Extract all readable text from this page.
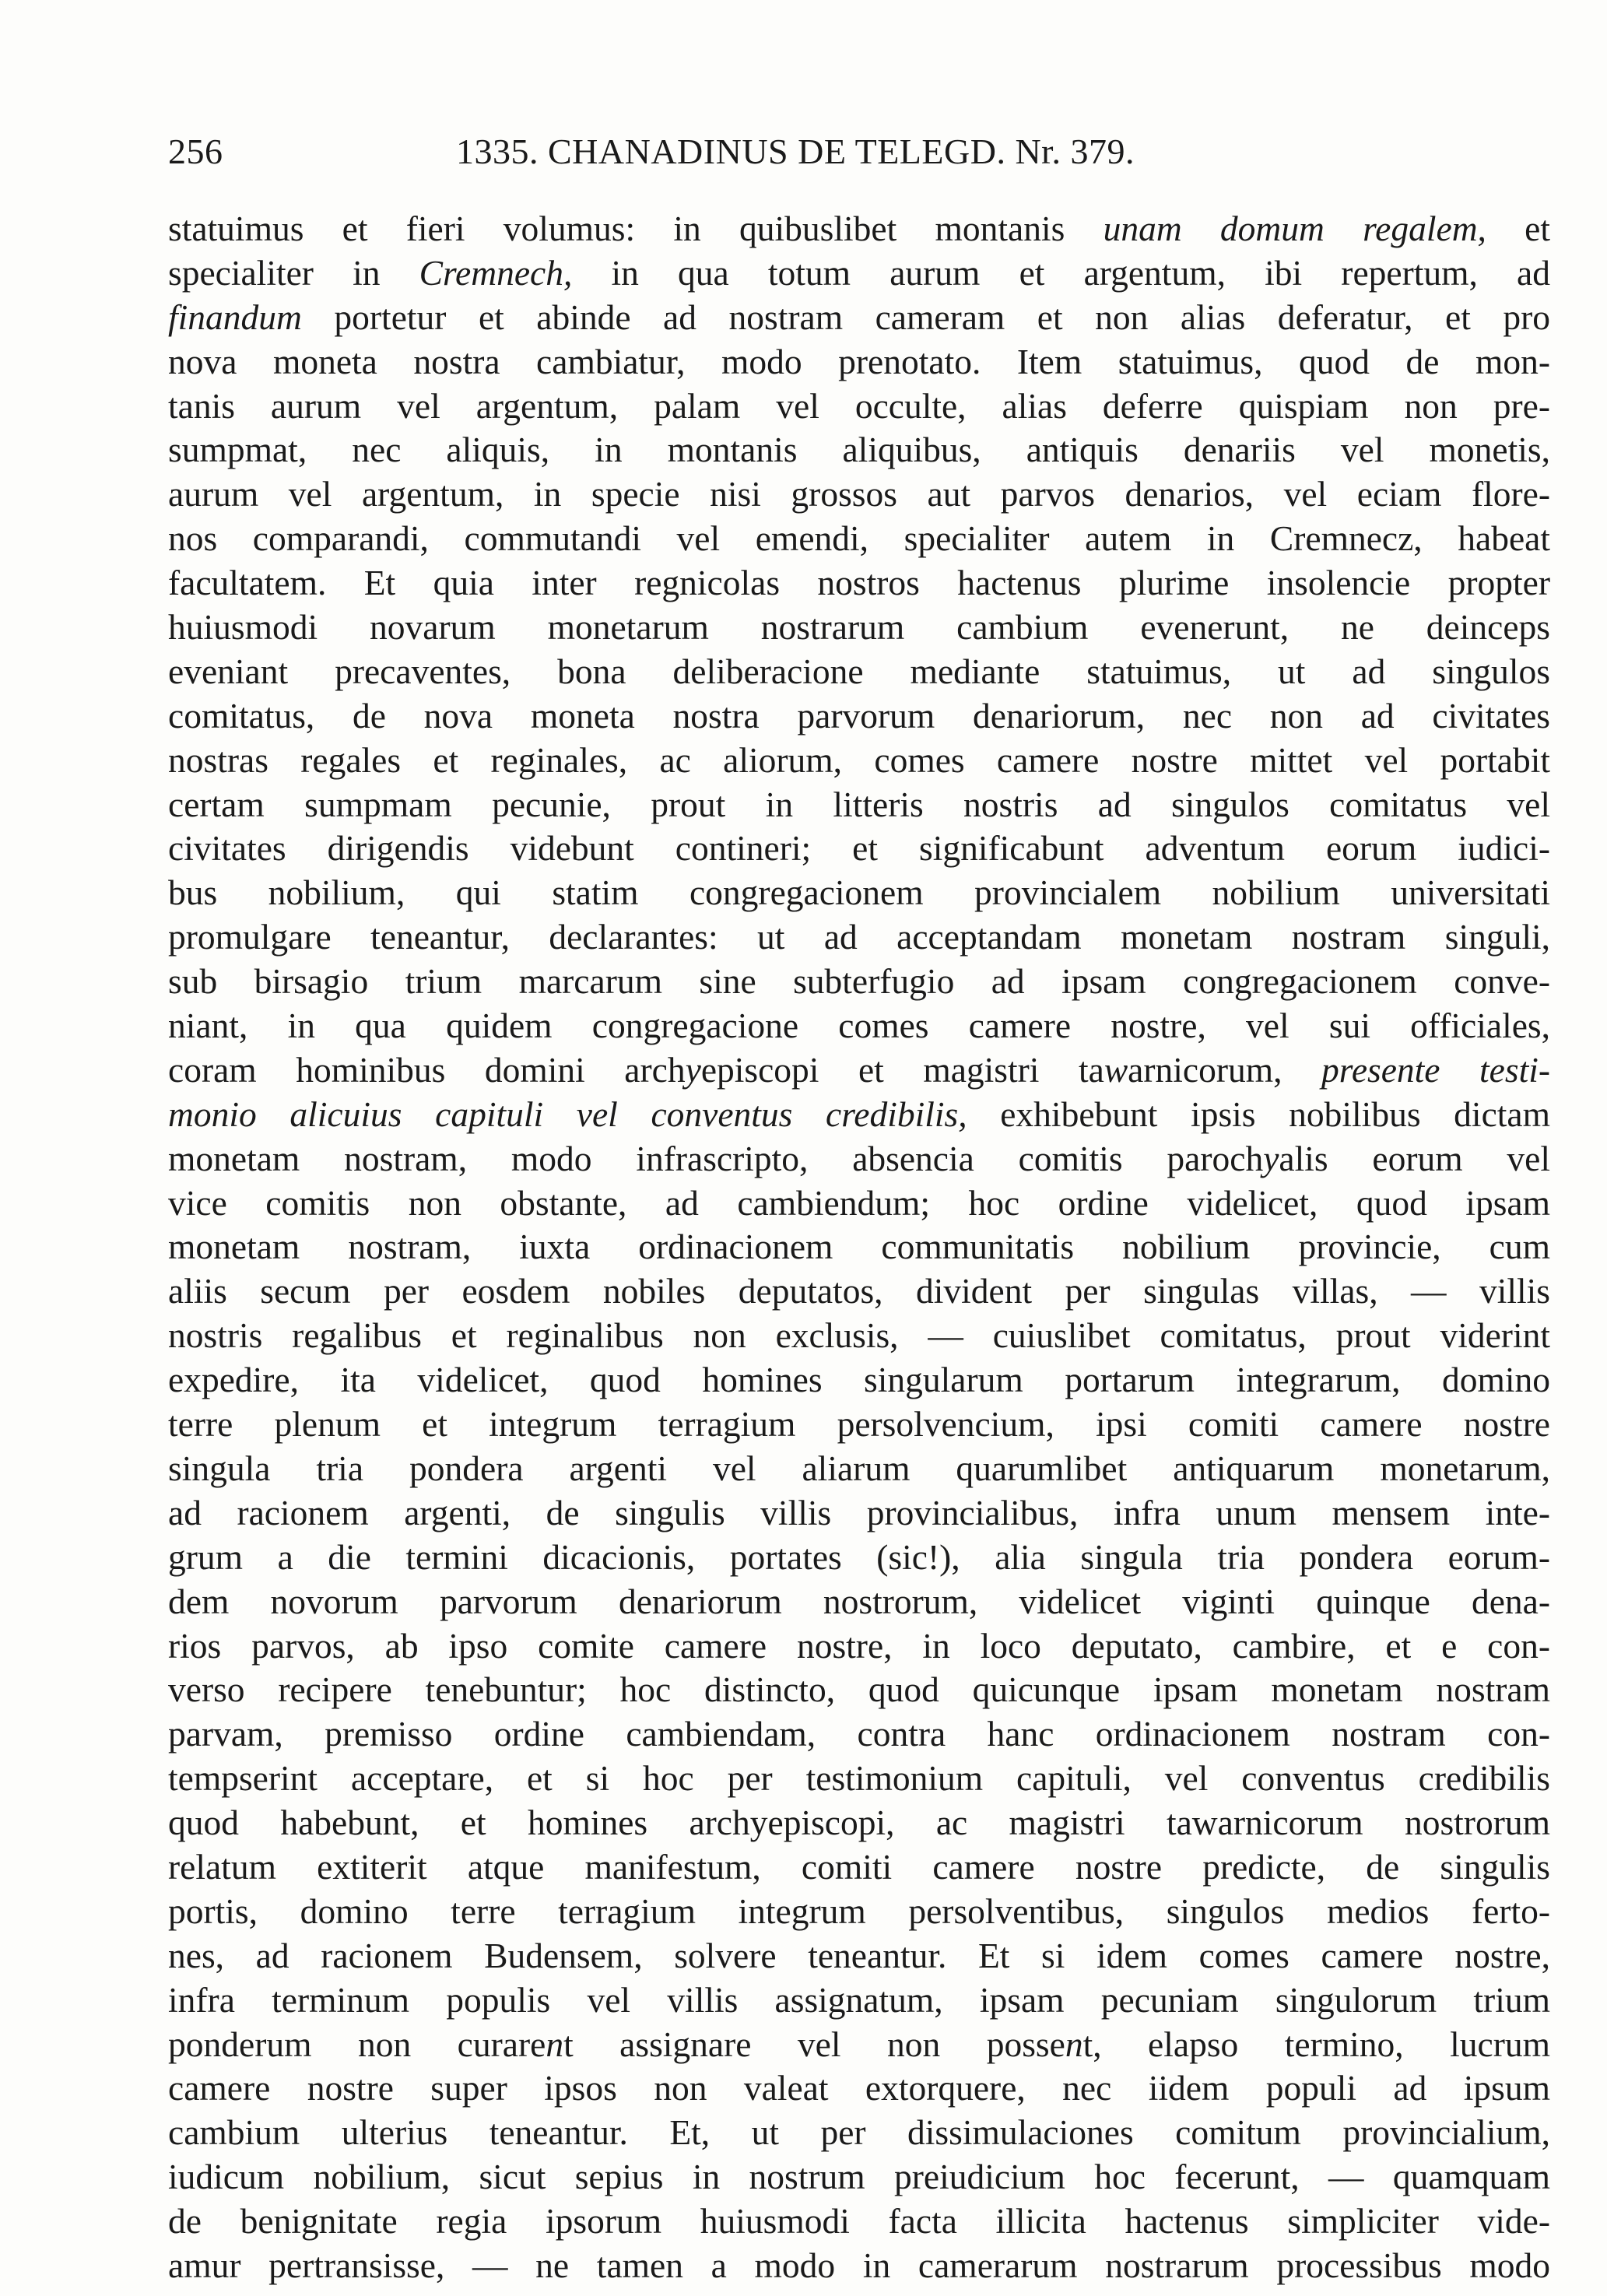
256	1335. CHANADINUS DE TELEGD. Nr. 379.
statuimus et fieri volumus: in quibuslibet montanis unam domum regalem, et
specialiter in Cremnech, in qua totum aurum et argentum, ibi repertum, ad
finandum portetur et abinde ad nostram cameram et non alias deferatur, et pro
nova moneta nostra cambiatur, modo prenotato. Item statuimus, quod de mon-
tanis aurum vel argentum, palam vel occulte, alias deferre quispiam non pre-
sumpmat, nec aliquis, in montanis aliquibus, antiquis denariis vel monetis,
aurum vel argentum, in specie nisi grossos aut parvos denarios, vel eciam flore-
nos comparandi, commutandi vel emendi, specialiter autem in Cremnecz, habeat
facultatem. Et quia inter regnicolas nostros hactenus plurime insolencie propter
huiusmodi novarum monetarum nostrarum cambium evenerunt, ne deinceps
eveniant precaventes, bona deliberacione mediante statuimus, ut ad singulos
comitatus, de nova moneta nostra parvorum denariorum, nec non ad civitates
nostras regales et reginales, ac aliorum, comes camere nostre mittet vel portabit
certam sumpmam pecunie, prout in litteris nostris ad singulos comitatus vel
civitates dirigendis videbunt contineri; et significabunt adventum eorum iudici-
bus nobilium, qui statim congregacionem provincialem nobilium universitati
promulgare teneantur, declarantes: ut ad acceptandam monetam nostram singuli,
sub birsagio trium marcarum sine subterfugio ad ipsam congregacionem conve-
niant, in qua quidem congregacione comes camere nostre, vel sui officiales,
coram hominibus domini archyepiscopi et magistri tawarnicorum, presente testi-
monio alicuius capituli vel conventus credibilis, exhibebunt ipsis nobilibus dictam
monetam nostram, modo infrascripto, absencia comitis parochyalis eorum vel
vice comitis non obstante, ad cambiendum; hoc ordine videlicet, quod ipsam
monetam nostram, iuxta ordinacionem communitatis nobilium provincie, cum
aliis secum per eosdem nobiles deputatos, divident per singulas villas, — villis
nostris regalibus et reginalibus non exclusis, — cuiuslibet comitatus, prout viderint
expedire, ita videlicet, quod homines singularum portarum integrarum, domino
terre plenum et integrum terragium persolvencium, ipsi comiti camere nostre
singula tria pondera argenti vel aliarum quarumlibet antiquarum monetarum,
ad racionem argenti, de singulis villis provincialibus, infra unum mensem inte-
grum a die termini dicacionis, portates (sic!), alia singula tria pondera eorum-
dem novorum parvorum denariorum nostrorum, videlicet viginti quinque dena-
rios parvos, ab ipso comite camere nostre, in loco deputato, cambire, et e con-
verso recipere tenebuntur; hoc distincto, quod quicunque ipsam monetam nostram
parvam, premisso ordine cambiendam, contra hanc ordinacionem nostram con-
tempserint acceptare, et si hoc per testimonium capituli, vel conventus credibilis
quod habebunt, et homines archyepiscopi, ac magistri tawarnicorum nostrorum
relatum extiterit atque manifestum, comiti camere nostre predicte, de singulis
portis, domino terre terragium integrum persolventibus, singulos medios ferto-
nes, ad racionem Budensem, solvere teneantur. Et si idem comes camere nostre,
infra terminum populis vel villis assignatum, ipsam pecuniam singulorum trium
ponderum non curarent assignare vel non possent, elapso termino, lucrum
camere nostre super ipsos non valeat extorquere, nec iidem populi ad ipsum
cambium ulterius teneantur. Et, ut per dissimulaciones comitum provincialium,
iudicum nobilium, sicut sepius in nostrum preiudicium hoc fecerunt, — quamquam
de benignitate regia ipsorum huiusmodi facta illicita hactenus simpliciter vide-
amur pertransisse, — ne tamen a modo in camerarum nostrarum processibus modo
